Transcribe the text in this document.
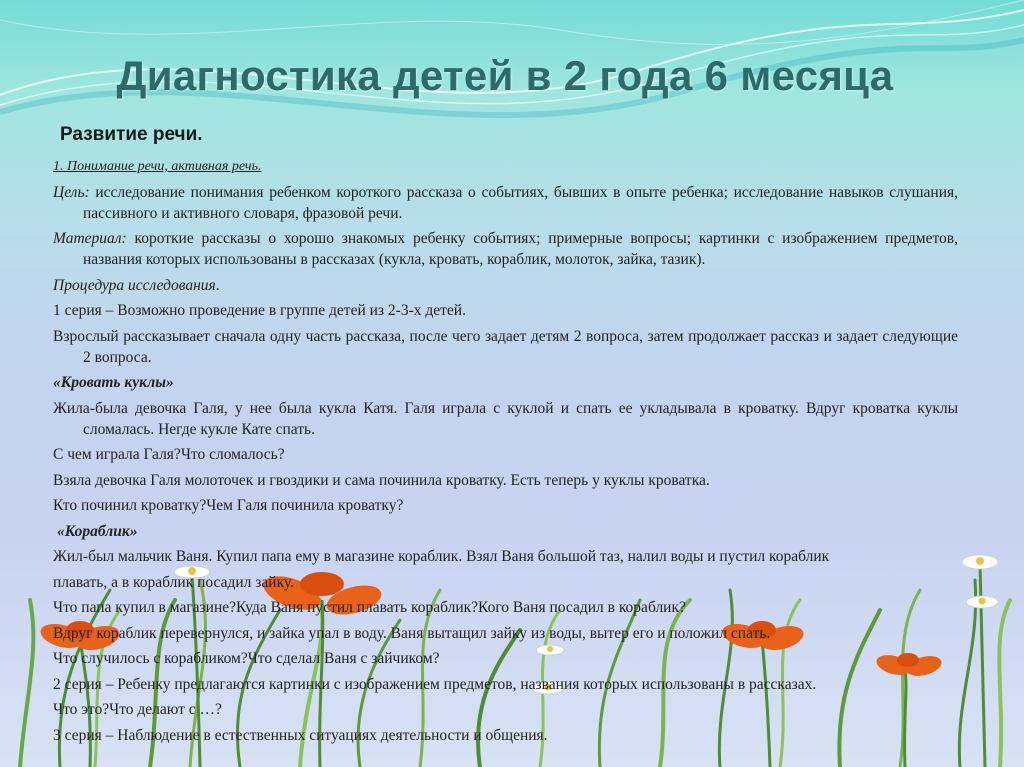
Диагностика детей в 2 года 6 месяца
Развитие речи.

1. Понимание речи, активная речь.

Цель: исследование понимания ребенком короткого рассказа о событиях, бывших в опыте ребенка; исследование навыков слушания, пассивного и активного словаря, фразовой речи.

Материал: короткие рассказы о хорошо знакомых ребенку событиях; примерные вопросы; картинки с изображением предметов, названия которых использованы в рассказах (кукла, кровать, кораблик, молоток, зайка, тазик).

Процедура исследования.

1 серия – Возможно проведение в группе детей из 2-3-х детей.

Взрослый рассказывает сначала одну часть рассказа, после чего задает детям 2 вопроса, затем продолжает рассказ и задает следующие 2 вопроса.

«Кровать куклы»

Жила-была девочка Галя, у нее была кукла Катя. Галя играла с куклой и спать ее укладывала в кроватку. Вдруг кроватка куклы сломалась. Негде кукле Кате спать.

С чем играла Галя?Что сломалось?

Взяла девочка Галя молоточек и гвоздики и сама починила кроватку. Есть теперь у куклы кроватка.

Кто починил кроватку?Чем Галя починила кроватку?

«Кораблик»

Жил-был мальчик Ваня. Купил папа ему в магазине кораблик. Взял Ваня большой таз, налил воды и пустил кораблик

плавать, а в кораблик посадил зайку.

Что папа купил в магазине?Куда Ваня пустил плавать кораблик?Кого Ваня посадил в кораблик?

Вдруг кораблик перевернулся, и зайка упал в воду. Ваня вытащил зайку из воды, вытер его и положил спать.

Что случилось с корабликом?Что сделал Ваня с зайчиком?

2 серия – Ребенку предлагаются картинки с изображением предметов, названия которых использованы в рассказах.

Что это?Что делают с …?

3 серия – Наблюдение в естественных ситуациях деятельности и общения.
